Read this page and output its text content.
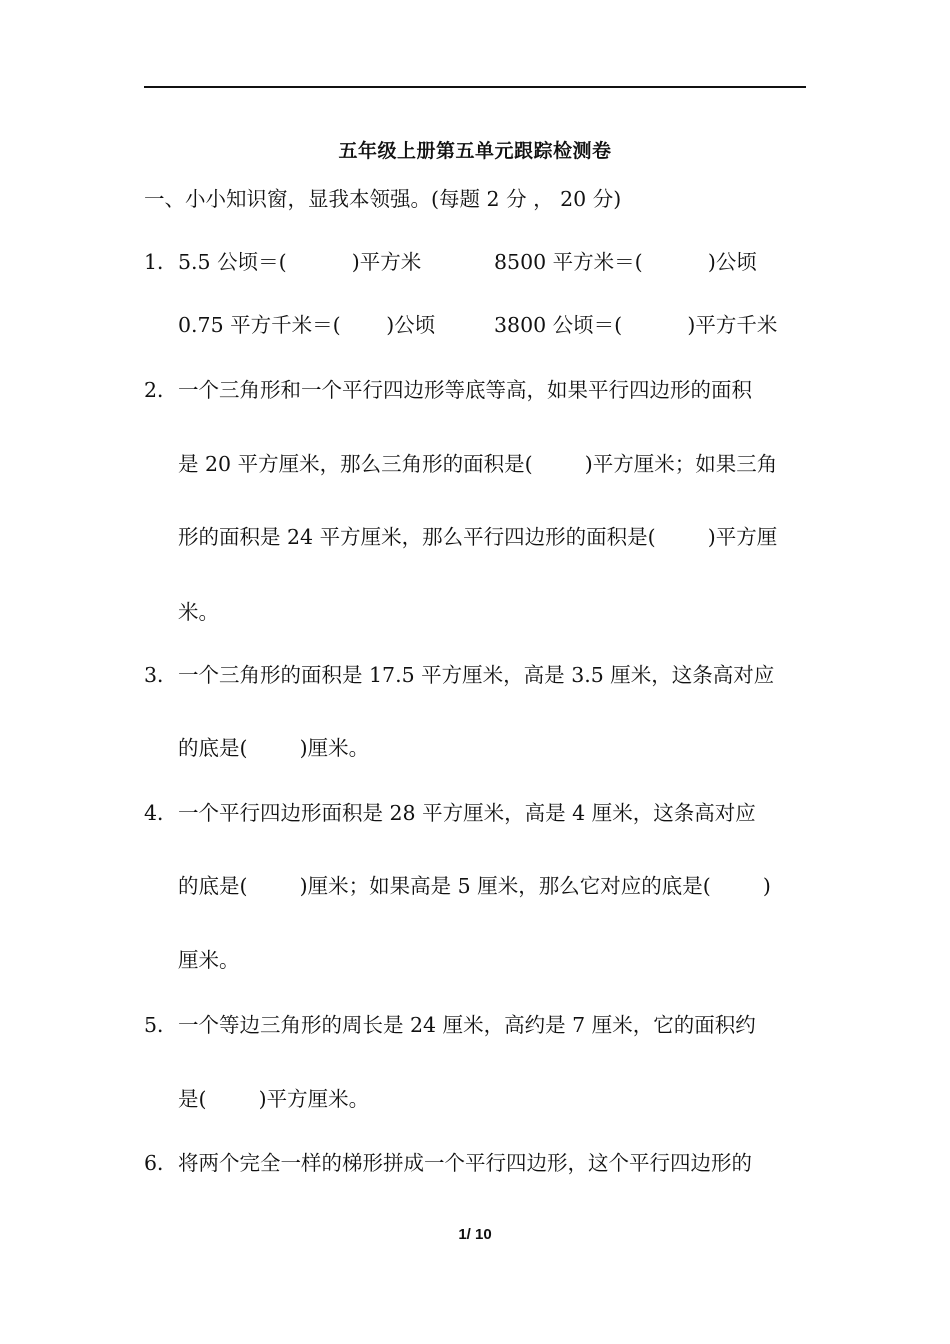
五年级上册第五单元跟踪检测卷
一、小小知识窗，显我本领强。(每题 2 分 ， 20 分)
1．5.5 公顷＝(          )平方米	8500 平方米＝(          )公顷
0.75 平方千米＝(       )公顷	3800 公顷＝(          )平方千米
2．一个三角形和一个平行四边形等底等高，如果平行四边形的面积
是 20 平方厘米，那么三角形的面积是(        )平方厘米；如果三角
形的面积是 24 平方厘米，那么平行四边形的面积是(        )平方厘
米。
3．一个三角形的面积是 17.5 平方厘米，高是 3.5 厘米，这条高对应
的底是(        )厘米。
4．一个平行四边形面积是 28 平方厘米，高是 4 厘米，这条高对应
的底是(        )厘米；如果高是 5 厘米，那么它对应的底是(        )
厘米。
5．一个等边三角形的周长是 24 厘米，高约是 7 厘米，它的面积约
是(        )平方厘米。
6．将两个完全一样的梯形拼成一个平行四边形，这个平行四边形的
1/ 10
